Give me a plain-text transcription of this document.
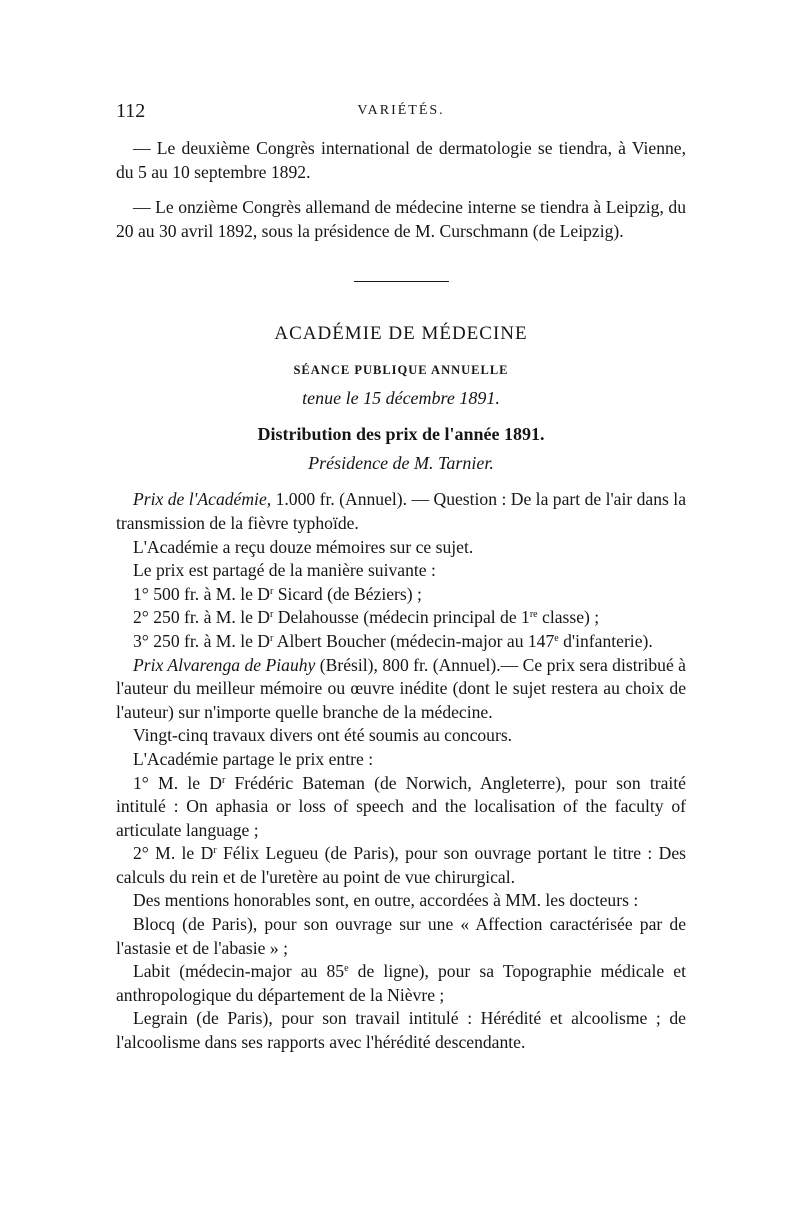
112	VARIÉTÉS.

— Le deuxième Congrès international de dermatologie se tiendra, à Vienne, du 5 au 10 septembre 1892.

— Le onzième Congrès allemand de médecine interne se tiendra à Leipzig, du 20 au 30 avril 1892, sous la présidence de M. Curschmann (de Leipzig).

ACADÉMIE DE MÉDECINE

SÉANCE PUBLIQUE ANNUELLE

tenue le 15 décembre 1891.

Distribution des prix de l'année 1891.

Présidence de M. Tarnier.

Prix de l'Académie, 1.000 fr. (Annuel). — Question : De la part de l'air dans la transmission de la fièvre typhoïde.

L'Académie a reçu douze mémoires sur ce sujet.

Le prix est partagé de la manière suivante :

1° 500 fr. à M. le $D^r$ Sicard (de Béziers) ;

2° 250 fr. à M. le $D^r$ Delahousse (médecin principal de 1re classe) ;

3° 250 fr. à M. le $D^r$ Albert Boucher (médecin-major au 147e d'infanterie).

Prix Alvarenga de Piauhy (Brésil), 800 fr. (Annuel).— Ce prix sera distribué à l'auteur du meilleur mémoire ou œuvre inédite (dont le sujet restera au choix de l'auteur) sur n'importe quelle branche de la médecine.

Vingt-cinq travaux divers ont été soumis au concours.

L'Académie partage le prix entre :

1° M. le $D^r$ Frédéric Bateman (de Norwich, Angleterre), pour son traité intitulé : On aphasia or loss of speech and the localisation of the faculty of articulate language ;

2° M. le $D^r$ Félix Legueu (de Paris), pour son ouvrage portant le titre : Des calculs du rein et de l'uretère au point de vue chirurgical.

Des mentions honorables sont, en outre, accordées à MM. les docteurs :

Blocq (de Paris), pour son ouvrage sur une « Affection caractérisée par de l'astasie et de l'abasie » ;

Labit (médecin-major au 85e de ligne), pour sa Topographie médicale et anthropologique du département de la Nièvre ;

Legrain (de Paris), pour son travail intitulé : Hérédité et alcoolisme ; de l'alcoolisme dans ses rapports avec l'hérédité descendante.
